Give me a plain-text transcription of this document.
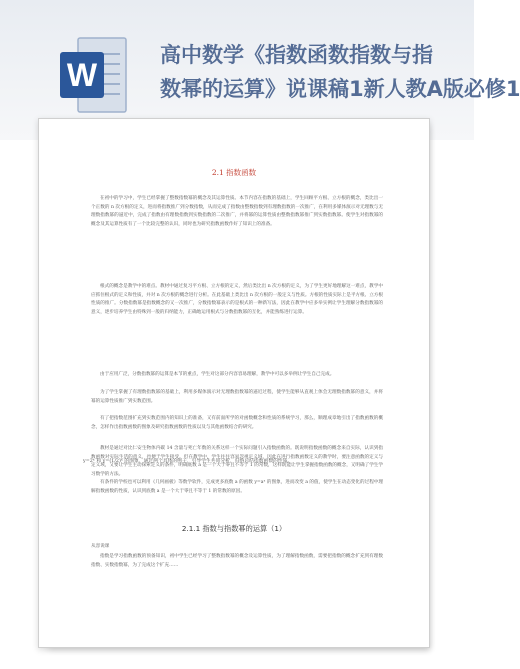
W
高中数学《指数函数指数与指
数幂的运算》说课稿1新人教A版必修1
2.1 指数函数

在初中的学习中，学生已经掌握了整数指数幂的概念及其运算性质。本节内容在指数的基础上，学生回顾平方根、立方根的概念，类比出一个正数的 n 次方根的定义，进而将指数推广到分数指数，从而完成了指数由整数指数到有理数指数的一次推广，在利用多媒体演示对无理数与无理数指数幂的逼近中，完成了指数由有理数指数到实数指数的二次推广，并将幂的运算性质由整数指数幂推广到实数指数幂。使学生对指数幂的概念及其运算性质有了一个比较完整的认识，同时也为研究指数函数作好了知识上的准备。

根式的概念是教学中的难点。教材中通过复习平方根、立方根的定义，然后类比出 n 次方根的定义，为了学生更好地理解这一难点，教学中应抓住根式的定义和性质，并对 n 次方根的概念进行分析。在此基础上类比出 n 次方根的一般定义与性质。方根的性质实际上是平方根、立方根性质的推广。分数指数幂是指数概念的又一次推广，分数指数幂表示的是根式的一种新写法，因此在教学中应多举实例让学生理解分数指数幂的意义，逐步培养学生由特殊到一般的归纳能力，正确地运用根式与分数指数幂的互化，并能熟练进行运算。

由于应用广泛，分数指数幂的运算是本节的重点，学生对这部分内容容易理解，教学中可以多举例让学生自己完成。

为了学生掌握了有理数指数幂的基础上，利用多媒体演示对无理数指数幂的逼近过程，使学生能够从直观上体会无理数指数幂的意义，并将幂的运算性质推广到实数范围。

有了把指数范围扩充到实数范围内的知识上的准备，又有前面所学的对函数概念和性质的系统学习，那么，顺理成章地引出了指数函数的概念，怎样作出指数函数的图象及研究指数函数的性质以及与其他函数结合的研究。

教材是通过对比仁安生物体内碳 14 含量与死亡年数的关系这样一个实际问题引入指数函数的。既说明指数函数的概念来自实际，认识到指数函数对实际生活的意义，也便于学生接受。但在教学中，学生往往容易忽视定义域，因此在进行指数函数定义的教学时，要注意函数的定义与定义域，又要让学生主动探索定义的条件，明确底数 a 是一个大于零且不等于 1 的常数，这样既能让学生掌握指数函数的概念，又明确了学生学习数学的方法。

y=2ˣ 和 y=(1/2)ˣ 的图象，通过两个具体的例子，引导学生共同分析，归纳总结指数函数的性质。

有条件的学校也可以利用《几何画板》等数学软件，完成更多底数 a 的函数 y=aˣ 的图象，进而改变 a 的值，使学生在动态变化的过程中理解指数函数的性质，认识到底数 a 是一个大于零且不等于 1 的常数的原因。

2.1.1 指数与指数幂的运算（1）
从容说课

指数是学习指数函数的预备知识，初中学生已经学习了整数指数幂的概念及运算性质，为了理解指数函数，需要把指数的概念扩充到有理数指数、实数指数幂，为了完成这个扩充……
